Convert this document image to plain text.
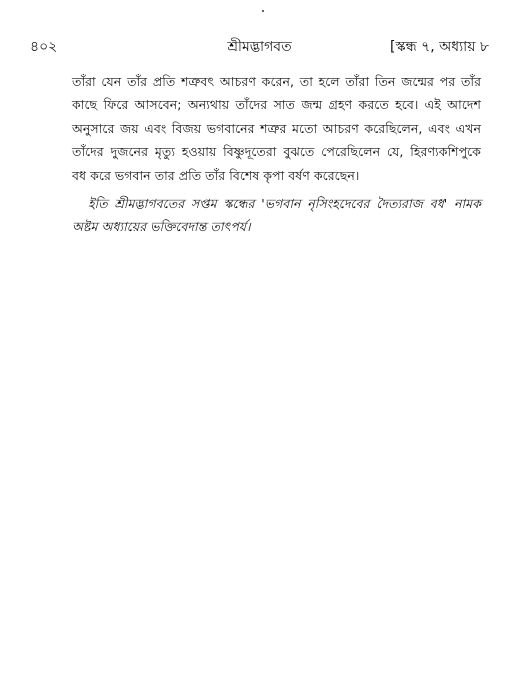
৪০২	শ্রীমদ্ভাগবত	[স্কন্ধ ৭, অধ্যায় ৮

তাঁরা যেন তাঁর প্রতি শত্রুবৎ আচরণ করেন, তা হলে তাঁরা তিন জন্মের পর তাঁর
কাছে ফিরে আসবেন; অন্যথায় তাঁদের সাত জন্ম গ্রহণ করতে হবে। এই আদেশ
অনুসারে জয় এবং বিজয় ভগবানের শত্রুর মতো আচরণ করেছিলেন, এবং এখন
তাঁদের দুজনের মৃত্যু হওয়ায় বিষ্ণুদূতেরা বুঝতে পেরেছিলেন যে, হিরণ্যকশিপুকে
বধ করে ভগবান তার প্রতি তাঁর বিশেষ কৃপা বর্ষণ করেছেন।

ইতি শ্রীমদ্ভাগবতের সপ্তম স্কন্ধের 'ভগবান নৃসিংহদেবের দৈত্যরাজ বধ' নামক
অষ্টম অধ্যায়ের ভক্তিবেদান্ত তাৎপর্য।
